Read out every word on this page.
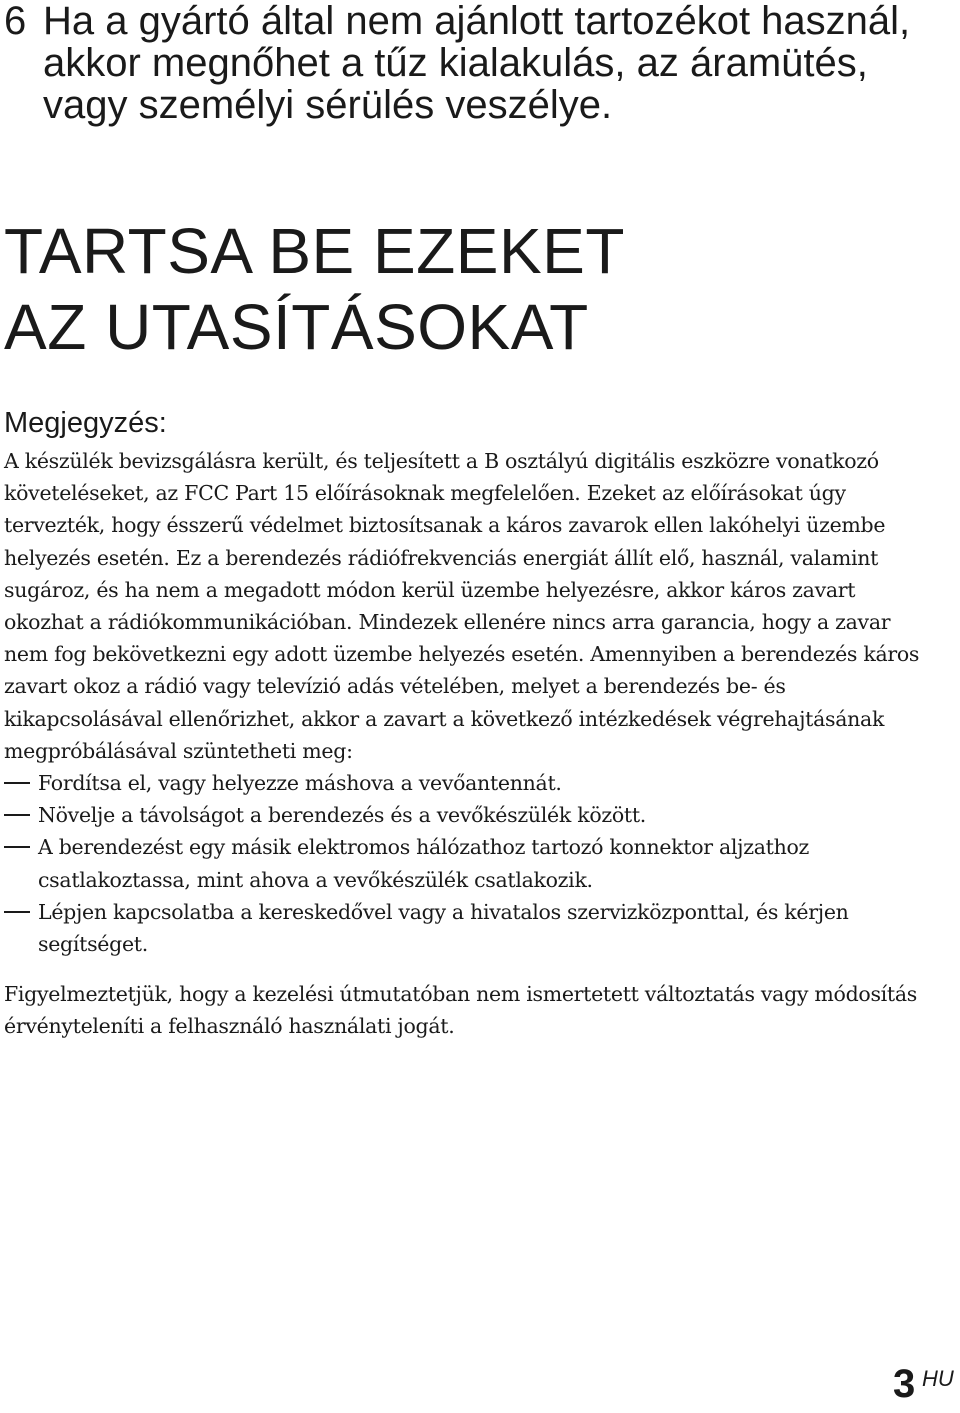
6 Ha a gyártó által nem ajánlott tartozékot használ, akkor megnőhet a tűz kialakulás, az áramütés, vagy személyi sérülés veszélye.
TARTSA BE EZEKET
AZ UTASÍTÁSOKAT
Megjegyzés:

A készülék bevizsgálásra került, és teljesített a B osztályú digitális eszközre vonatkozó követeléseket, az FCC Part 15 előírásoknak megfelelően. Ezeket az előírásokat úgy tervezték, hogy ésszerű védelmet biztosítsanak a káros zavarok ellen lakóhelyi üzembe helyezés esetén. Ez a berendezés rádiófrekvenciás energiát állít elő, használ, valamint sugároz, és ha nem a megadott módon kerül üzembe helyezésre, akkor káros zavart okozhat a rádiókommunikációban. Mindezek ellenére nincs arra garancia, hogy a zavar nem fog bekövetkezni egy adott üzembe helyezés esetén. Amennyiben a berendezés káros zavart okoz a rádió vagy televízió adás vételében, melyet a berendezés be- és kikapcsolásával ellenőrizhet, akkor a zavart a következő intézkedések végrehajtásának megpróbálásával szüntetheti meg:

Fordítsa el, vagy helyezze máshova a vevőantennát.
Növelje a távolságot a berendezés és a vevőkészülék között.
A berendezést egy másik elektromos hálózathoz tartozó konnektor aljzathoz csatlakoztassa, mint ahova a vevőkészülék csatlakozik.
Lépjen kapcsolatba a kereskedővel vagy a hivatalos szervizközponttal, és kérjen segítséget.

Figyelmeztetjük, hogy a kezelési útmutatóban nem ismertetett változtatás vagy módosítás érvényteleníti a felhasználó használati jogát.

3 HU
